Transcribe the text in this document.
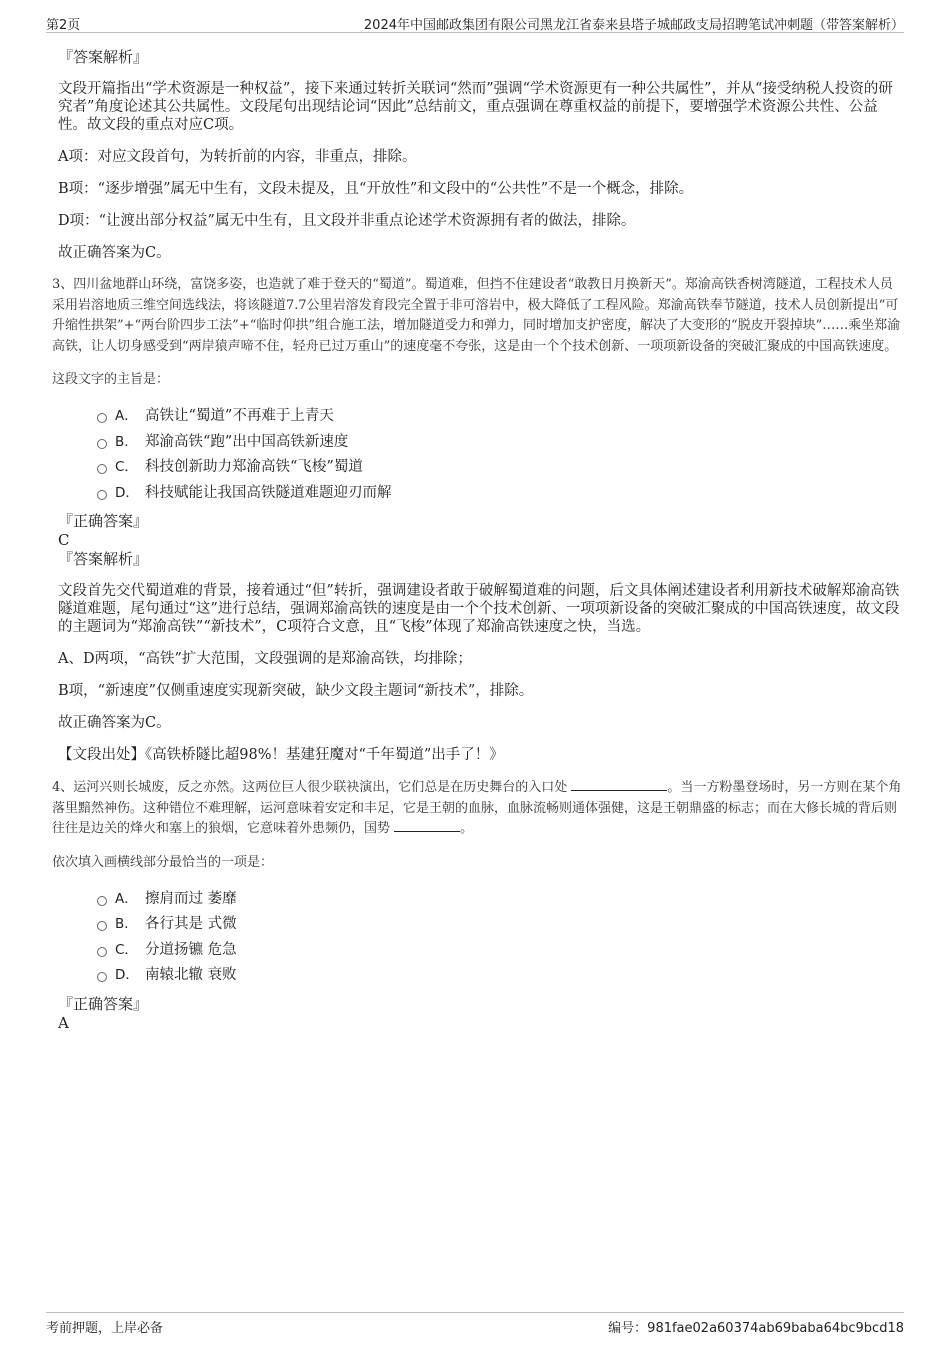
第2页	2024年中国邮政集团有限公司黑龙江省泰来县塔子城邮政支局招聘笔试冲刺题（带答案解析）

『答案解析』

文段开篇指出“学术资源是一种权益”，接下来通过转折关联词“然而”强调“学术资源更有一种公共属性”，并从“接受纳税人投资的研究者”角度论述其公共属性。文段尾句出现结论词“因此”总结前文，重点强调在尊重权益的前提下，要增强学术资源公共性、公益性。故文段的重点对应C项。

A项：对应文段首句，为转折前的内容，非重点，排除。

B项：“逐步增强”属无中生有，文段未提及，且“开放性”和文段中的“公共性”不是一个概念，排除。

D项：“让渡出部分权益”属无中生有，且文段并非重点论述学术资源拥有者的做法，排除。

故正确答案为C。

3、四川盆地群山环绕，富饶多姿，也造就了难于登天的“蜀道”。蜀道难，但挡不住建设者“敢教日月换新天”。郑渝高铁香树湾隧道，工程技术人员采用岩溶地质三维空间选线法，将该隧道7.7公里岩溶发育段完全置于非可溶岩中，极大降低了工程风险。郑渝高铁奉节隧道，技术人员创新提出“可升缩性拱架”+“两台阶四步工法”+“临时仰拱”组合施工法，增加隧道受力和弹力，同时增加支护密度，解决了大变形的“脱皮开裂掉块”……乘坐郑渝高铁，让人切身感受到“两岸猿声啼不住，轻舟已过万重山”的速度毫不夸张，这是由一个个技术创新、一项项新设备的突破汇聚成的中国高铁速度。

这段文字的主旨是：

A． 高铁让“蜀道”不再难于上青天
B． 郑渝高铁“跑”出中国高铁新速度
C． 科技创新助力郑渝高铁“飞梭”蜀道
D． 科技赋能让我国高铁隧道难题迎刃而解

『正确答案』

C

『答案解析』

文段首先交代蜀道难的背景，接着通过“但”转折，强调建设者敢于破解蜀道难的问题，后文具体阐述建设者利用新技术破解郑渝高铁隧道难题，尾句通过“这”进行总结，强调郑渝高铁的速度是由一个个技术创新、一项项新设备的突破汇聚成的中国高铁速度，故文段的主题词为“郑渝高铁”“新技术”，C项符合文意，且“飞梭”体现了郑渝高铁速度之快，当选。

A、D两项，“高铁”扩大范围，文段强调的是郑渝高铁，均排除；

B项，“新速度”仅侧重速度实现新突破，缺少文段主题词“新技术”，排除。

故正确答案为C。

【文段出处】《高铁桥隧比超98%！基建狂魔对“千年蜀道”出手了！》

4、运河兴则长城废，反之亦然。这两位巨人很少联袂演出，它们总是在历史舞台的入口处	。当一方粉墨登场时，另一方则在某个角落里黯然神伤。这种错位不难理解，运河意味着安定和丰足，它是王朝的血脉，血脉流畅则通体强健，这是王朝鼎盛的标志；而在大修长城的背后则往往是边关的烽火和塞上的狼烟，它意味着外患频仍，国势	。

依次填入画横线部分最恰当的一项是：

A． 擦肩而过 萎靡
B． 各行其是 式微
C． 分道扬镳 危急
D． 南辕北辙 衰败

『正确答案』

A

考前押题，上岸必备	编号：981fae02a60374ab69baba64bc9bcd18
